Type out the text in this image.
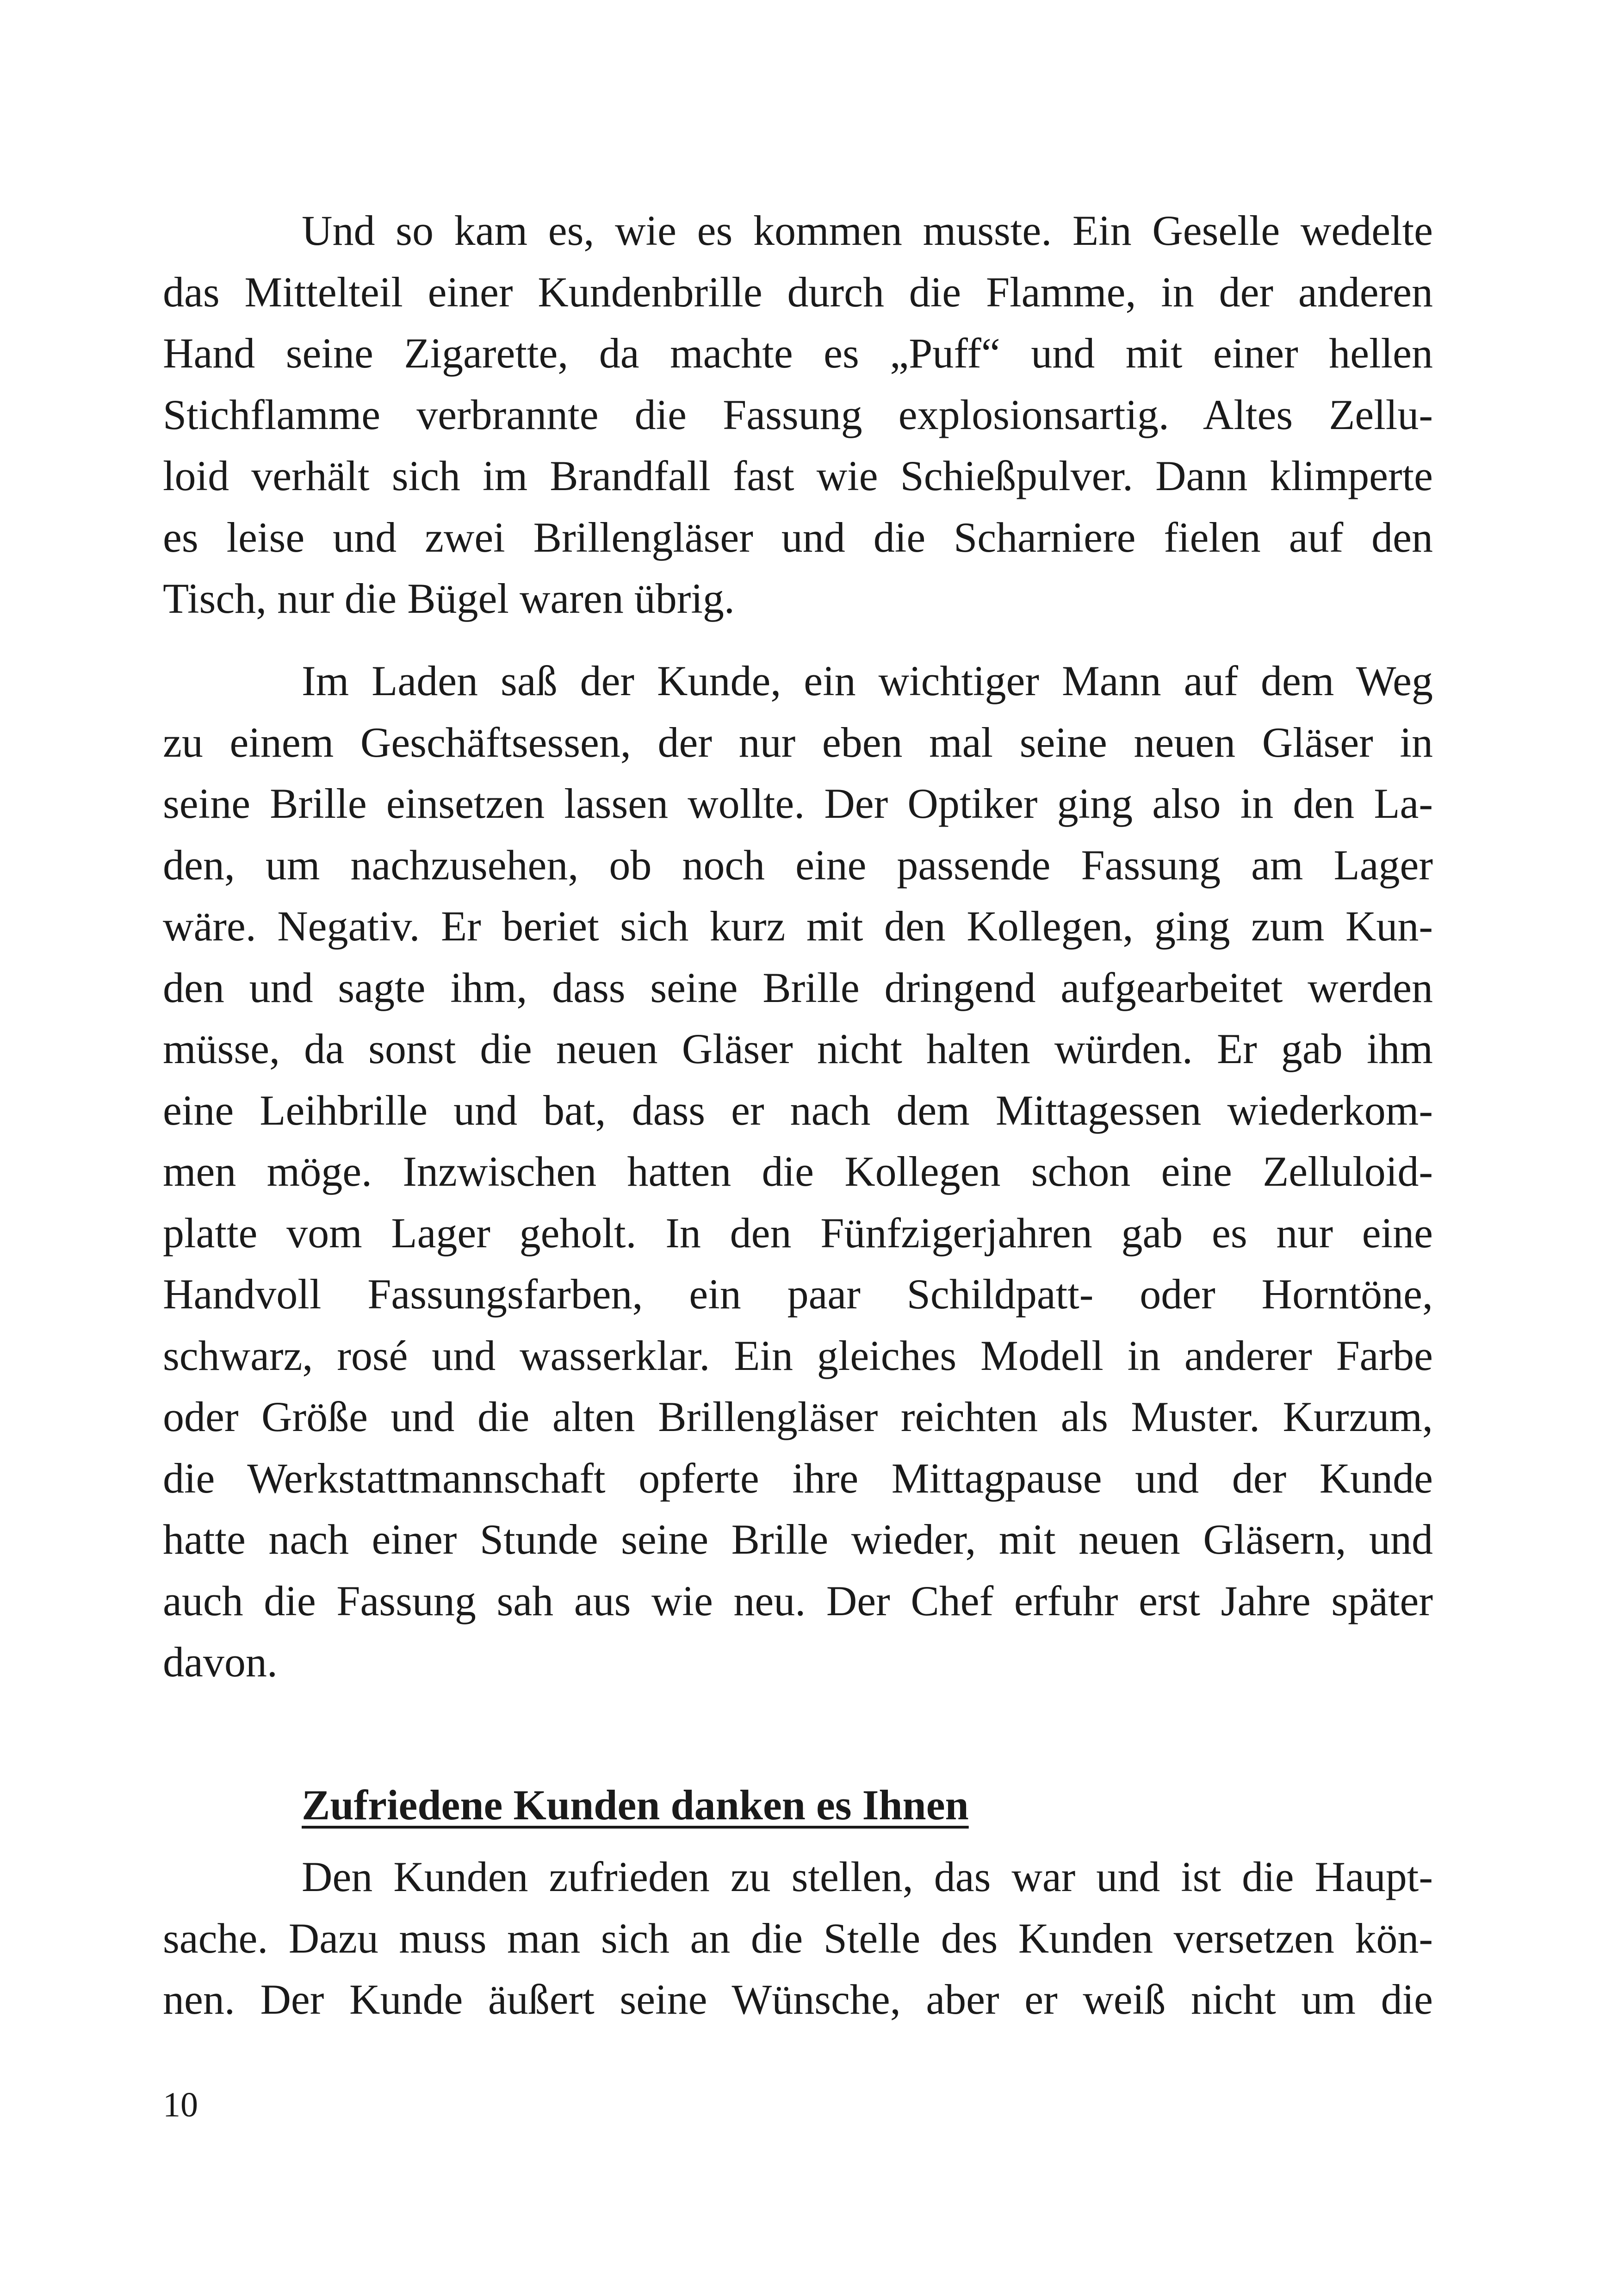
Und so kam es, wie es kommen musste. Ein Geselle wedelte
das Mittelteil einer Kundenbrille durch die Flamme, in der anderen
Hand seine Zigarette, da machte es „Puff“ und mit einer hellen
Stichflamme verbrannte die Fassung explosionsartig. Altes Zellu-
loid verhält sich im Brandfall fast wie Schießpulver. Dann klimperte
es leise und zwei Brillengläser und die Scharniere fielen auf den
Tisch, nur die Bügel waren übrig.
Im Laden saß der Kunde, ein wichtiger Mann auf dem Weg
zu einem Geschäftsessen, der nur eben mal seine neuen Gläser in
seine Brille einsetzen lassen wollte. Der Optiker ging also in den La-
den, um nachzusehen, ob noch eine passende Fassung am Lager
wäre. Negativ. Er beriet sich kurz mit den Kollegen, ging zum Kun-
den und sagte ihm, dass seine Brille dringend aufgearbeitet werden
müsse, da sonst die neuen Gläser nicht halten würden. Er gab ihm
eine Leihbrille und bat, dass er nach dem Mittagessen wiederkom-
men möge. Inzwischen hatten die Kollegen schon eine Zelluloid-
platte vom Lager geholt. In den Fünfzigerjahren gab es nur eine
Handvoll Fassungsfarben, ein paar Schildpatt- oder Horntöne,
schwarz, rosé und wasserklar. Ein gleiches Modell in anderer Farbe
oder Größe und die alten Brillengläser reichten als Muster. Kurzum,
die Werkstattmannschaft opferte ihre Mittagpause und der Kunde
hatte nach einer Stunde seine Brille wieder, mit neuen Gläsern, und
auch die Fassung sah aus wie neu. Der Chef erfuhr erst Jahre später
davon.
Zufriedene Kunden danken es Ihnen
Den Kunden zufrieden zu stellen, das war und ist die Haupt-
sache. Dazu muss man sich an die Stelle des Kunden versetzen kön-
nen. Der Kunde äußert seine Wünsche, aber er weiß nicht um die
10
